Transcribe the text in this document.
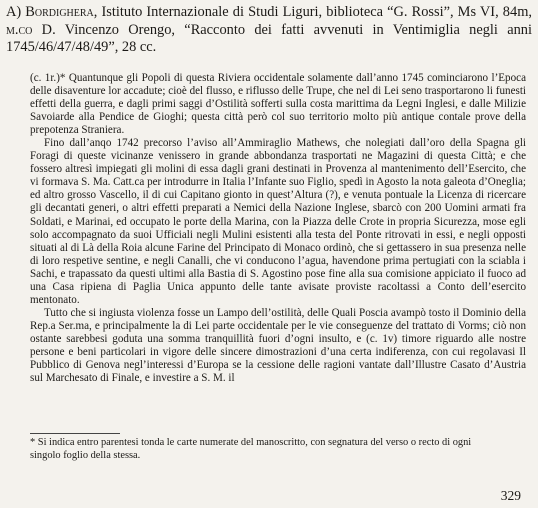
A) Bordighera, Istituto Internazionale di Studi Liguri, biblioteca “G. Rossi”, Ms VI, 84m, m.co D. Vincenzo Orengo, “Racconto dei fatti avvenuti in Ventimiglia negli anni 1745/46/47/48/49”, 28 cc.

(c. 1r.)* Quantunque gli Popoli di questa Riviera occidentale solamente dall’anno 1745 cominciarono l’Epoca delle disaventure lor accadute; cioè del flusso, e riflusso delle Trupe, che nel di Lei seno trasportarono li funesti effetti della guerra, e dagli primi saggi d’Ostilità sofferti sulla costa marittima da Legni Inglesi, e dalle Milizie Savoiarde alla Pendice de Gioghi; questa città però col suo territorio molto più antique contale prove della prepotenza Straniera.

Fino dall’anqo 1742 precorso l’aviso all’Ammiraglio Mathews, che nolegiati dall’oro della Spagna gli Foragi di queste vicinanze venissero in grande abbondanza trasportati ne Magazini di questa Città; e che fossero altresì impiegati gli molini di essa dagli grani destinati in Provenza al mantenimento dell’Esercito, che vi formava S. Ma. Catt.ca per introdurre in Italia l’Infante suo Figlio, spedì in Agosto la nota galeota d’Oneglia; ed altro grosso Vascello, il di cui Capitano gionto in quest’Altura (?), e venuta pontuale la Licenza di ricercare gli decantati generi, o altri effetti preparati a Nemici della Nazione Inglese, sbarcò con 200 Uomini armati fra Soldati, e Marinai, ed occupato le porte della Marina, con la Piazza delle Crote in propria Sicurezza, mose egli solo accompagnato da suoi Ufficiali negli Mulini esistenti alla testa del Ponte ritrovati in essi, e negli opposti situati al di Là della Roia alcune Farine del Principato di Monaco ordinò, che si gettassero in sua presenza nelle di loro respetive sentine, e negli Canalli, che vi conducono l’agua, havendone prima pertugiati con la sciabla i Sachi, e trapassato da questi ultimi alla Bastia di S. Agostino pose fine alla sua comisione appiciato il fuoco ad una Casa ripiena di Paglia Unica appunto delle tante avisate proviste racoltassi a Conto dell’esercito mentonato.

Tutto che si ingiusta violenza fosse un Lampo dell’ostilità, delle Quali Poscia avampò tosto il Dominio della Rep.a Ser.ma, e principalmente la di Lei parte occidentale per le vie conseguenze del trattato di Vorms; ciò non ostante sarebbesi goduta una somma tranquillità fuori d’ogni insulto, e (c. 1v) timore riguardo alle nostre persone e beni particolari in vigore delle sincere dimostrazioni d’una certa indiferenza, con cui regolavasi Il Pubblico di Genova negl’interessi d’Europa se la cessione delle ragioni vantate dall’Illustre Casato d’Austria sul Marchesato di Finale, e investire a S. M. il

* Si indica entro parentesi tonda le carte numerate del manoscritto, con segnatura del verso o recto di ogni singolo foglio della stessa.
329
